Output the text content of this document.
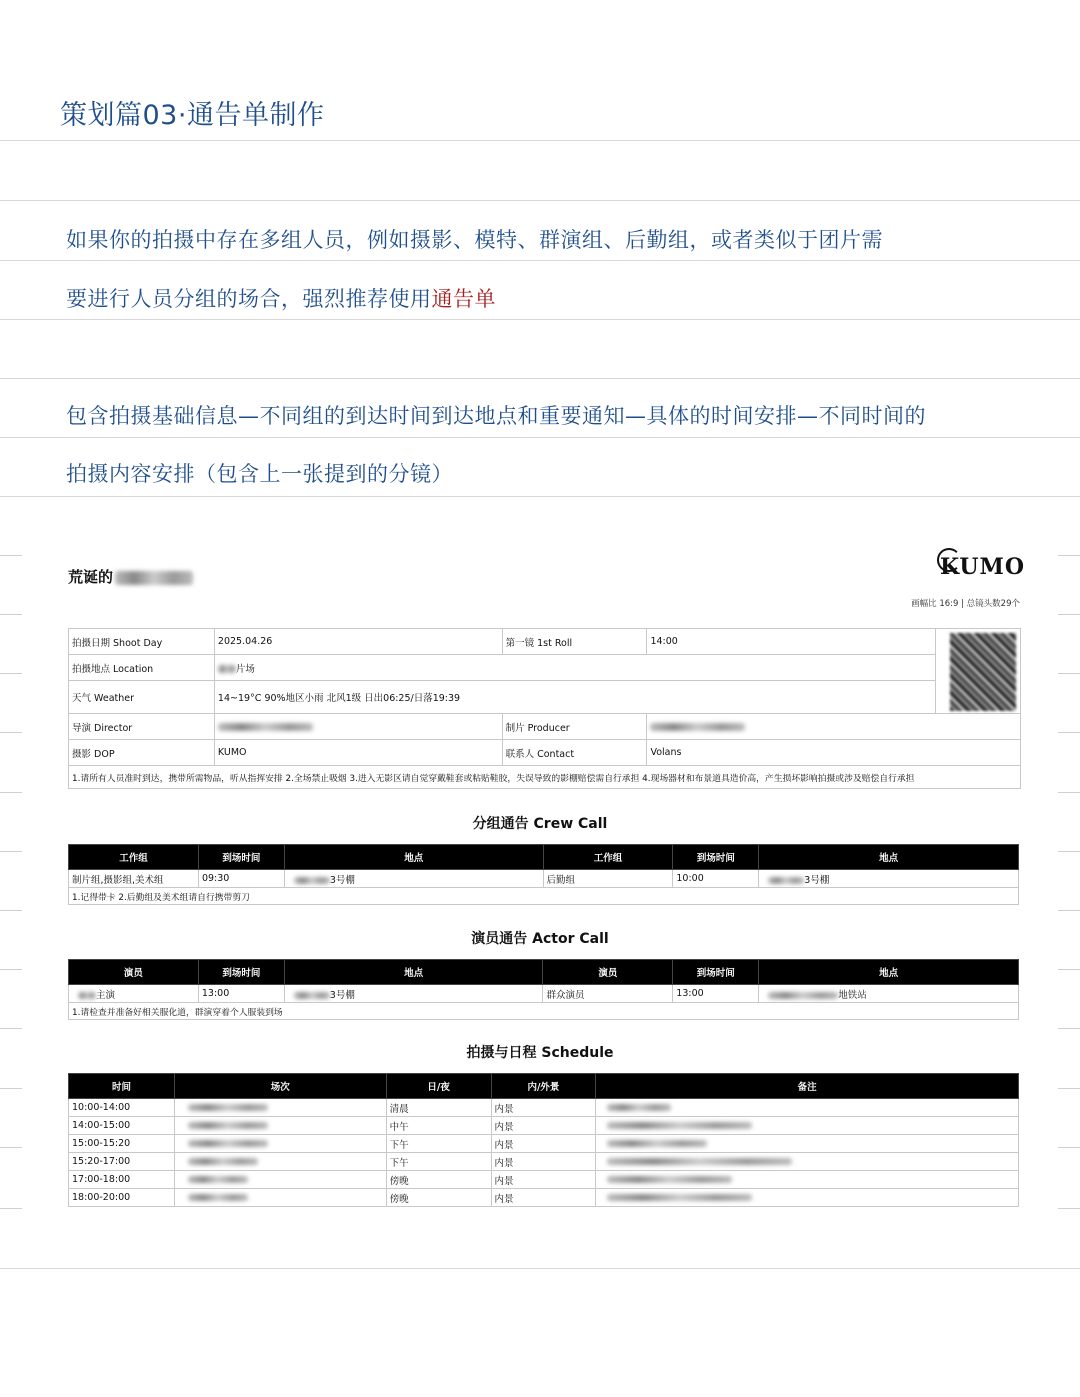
策划篇03·通告单制作
如果你的拍摄中存在多组人员，例如摄影、模特、群演组、后勤组，或者类似于团片需
要进行人员分组的场合，强烈推荐使用通告单
包含拍摄基础信息—不同组的到达时间到达地点和重要通知—具体的时间安排—不同时间的
拍摄内容安排（包含上一张提到的分镜）
荒诞的	KUMO
画幅比 16:9 | 总镜头数29个
拍摄日期 Shoot Day	2025.04.26	第一镜 1st Roll	14:00	
拍摄地点 Location	片场			
天气 Weather	14~19°C 90%地区小雨 北风1级 日出06:25/日落19:39			
导演 Director		制片 Producer		
摄影 DOP	KUMO	联系人 Contact	Volans	
1.请所有人员准时到达，携带所需物品，听从指挥安排 2.全场禁止吸烟 3.进入无影区请自觉穿戴鞋套或粘贴鞋胶，失误导致的影棚赔偿需自行承担 4.现场器材和布景道具造价高，产生损坏影响拍摄或涉及赔偿自行承担				
分组通告 Crew Call
工作组	到场时间	地点	工作组	到场时间	地点
制片组,摄影组,美术组	09:30	3号棚	后勤组	10:00	3号棚
1.记得带卡 2.后勤组及美术组请自行携带剪刀					
演员通告 Actor Call
演员	到场时间	地点	演员	到场时间	地点
主演	13:00	3号棚	群众演员	13:00	地铁站
1.请检查并准备好相关服化道，群演穿着个人服装到场					
拍摄与日程 Schedule
时间	场次	日/夜	内/外景	备注
10:00-14:00		清晨	内景	
14:00-15:00		中午	内景	
15:00-15:20		下午	内景	
15:20-17:00		下午	内景	
17:00-18:00		傍晚	内景	
18:00-20:00		傍晚	内景	
